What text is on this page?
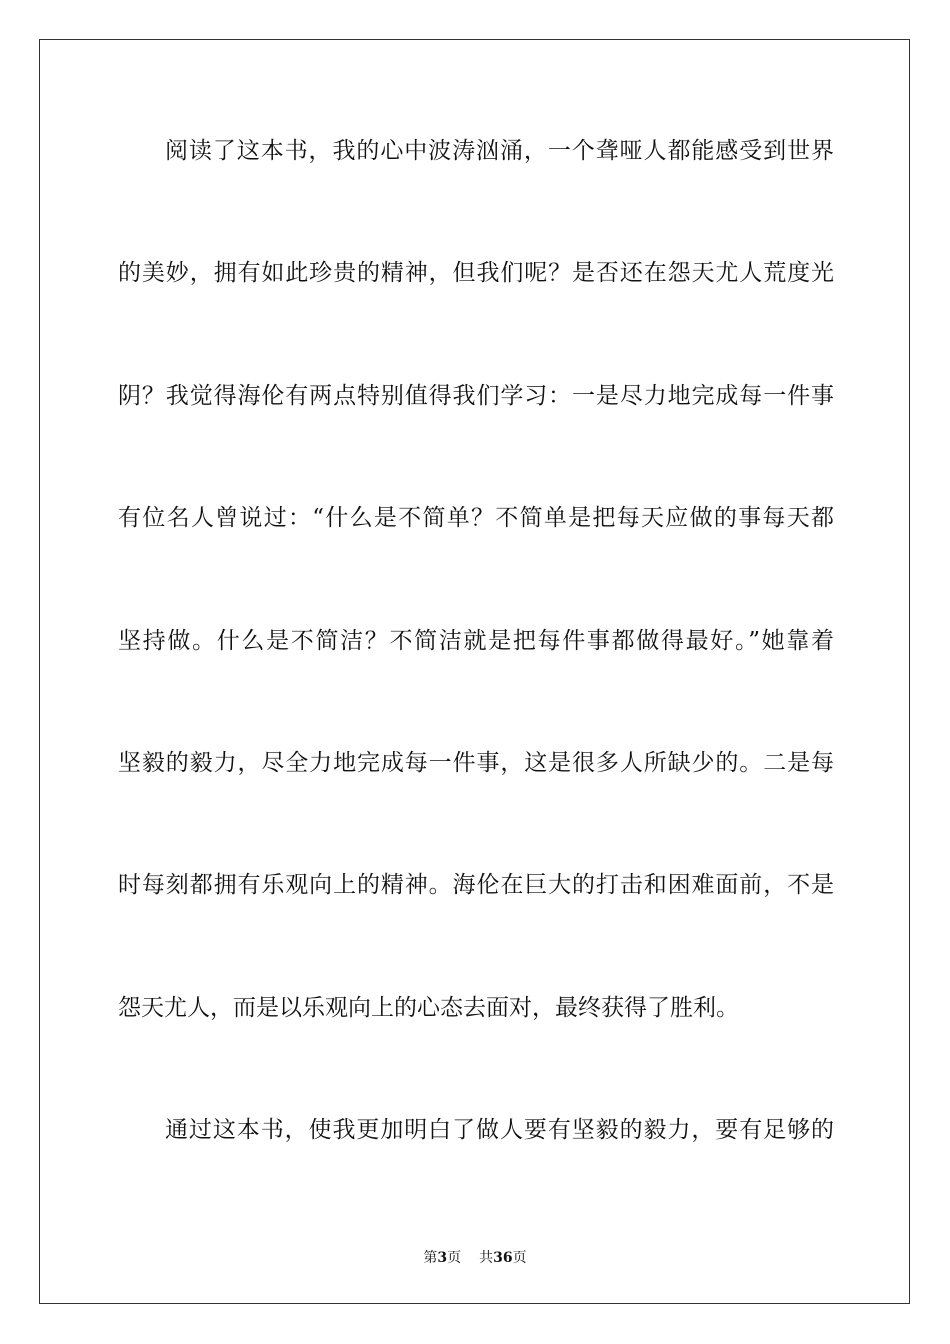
阅读了这本书，我的心中波涛汹涌，一个聋哑人都能感受到世界
的美妙，拥有如此珍贵的精神，但我们呢？是否还在怨天尤人荒度光
阴？我觉得海伦有两点特别值得我们学习：一是尽力地完成每一件事
有位名人曾说过：“什么是不简单？不简单是把每天应做的事每天都
坚持做。什么是不简洁？不简洁就是把每件事都做得最好。”她靠着
坚毅的毅力，尽全力地完成每一件事，这是很多人所缺少的。二是每
时每刻都拥有乐观向上的精神。海伦在巨大的打击和困难面前，不是
怨天尤人，而是以乐观向上的心态去面对，最终获得了胜利。
通过这本书，使我更加明白了做人要有坚毅的毅力，要有足够的
第3页 共36页
